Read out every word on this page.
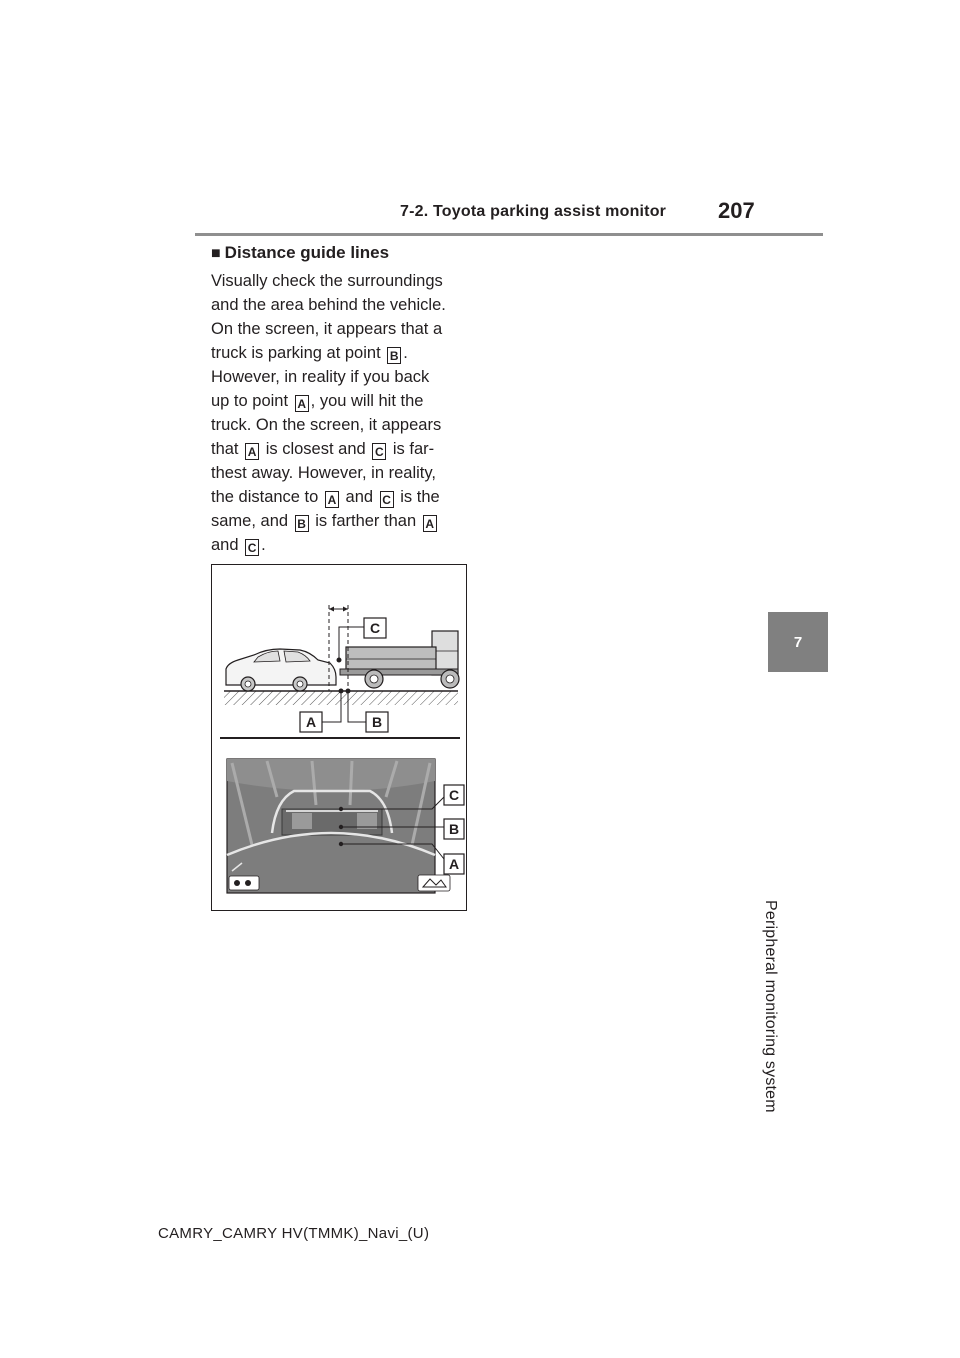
7-2. Toyota parking assist monitor 207
7
Peripheral monitoring system
■ Distance guide lines
Visually check the surroundings
and the area behind the vehicle.
On the screen, it appears that a
truck is parking at point B .
However, in reality if you back
up to point A , you will hit the
truck. On the screen, it appears
that A is closest and C is far-
thest away. However, in reality,
the distance to A and C is the
same, and B is farther than A
and C .
C
A	B
C
B
A
CAMRY_CAMRY HV(TMMK)_Navi_(U)
